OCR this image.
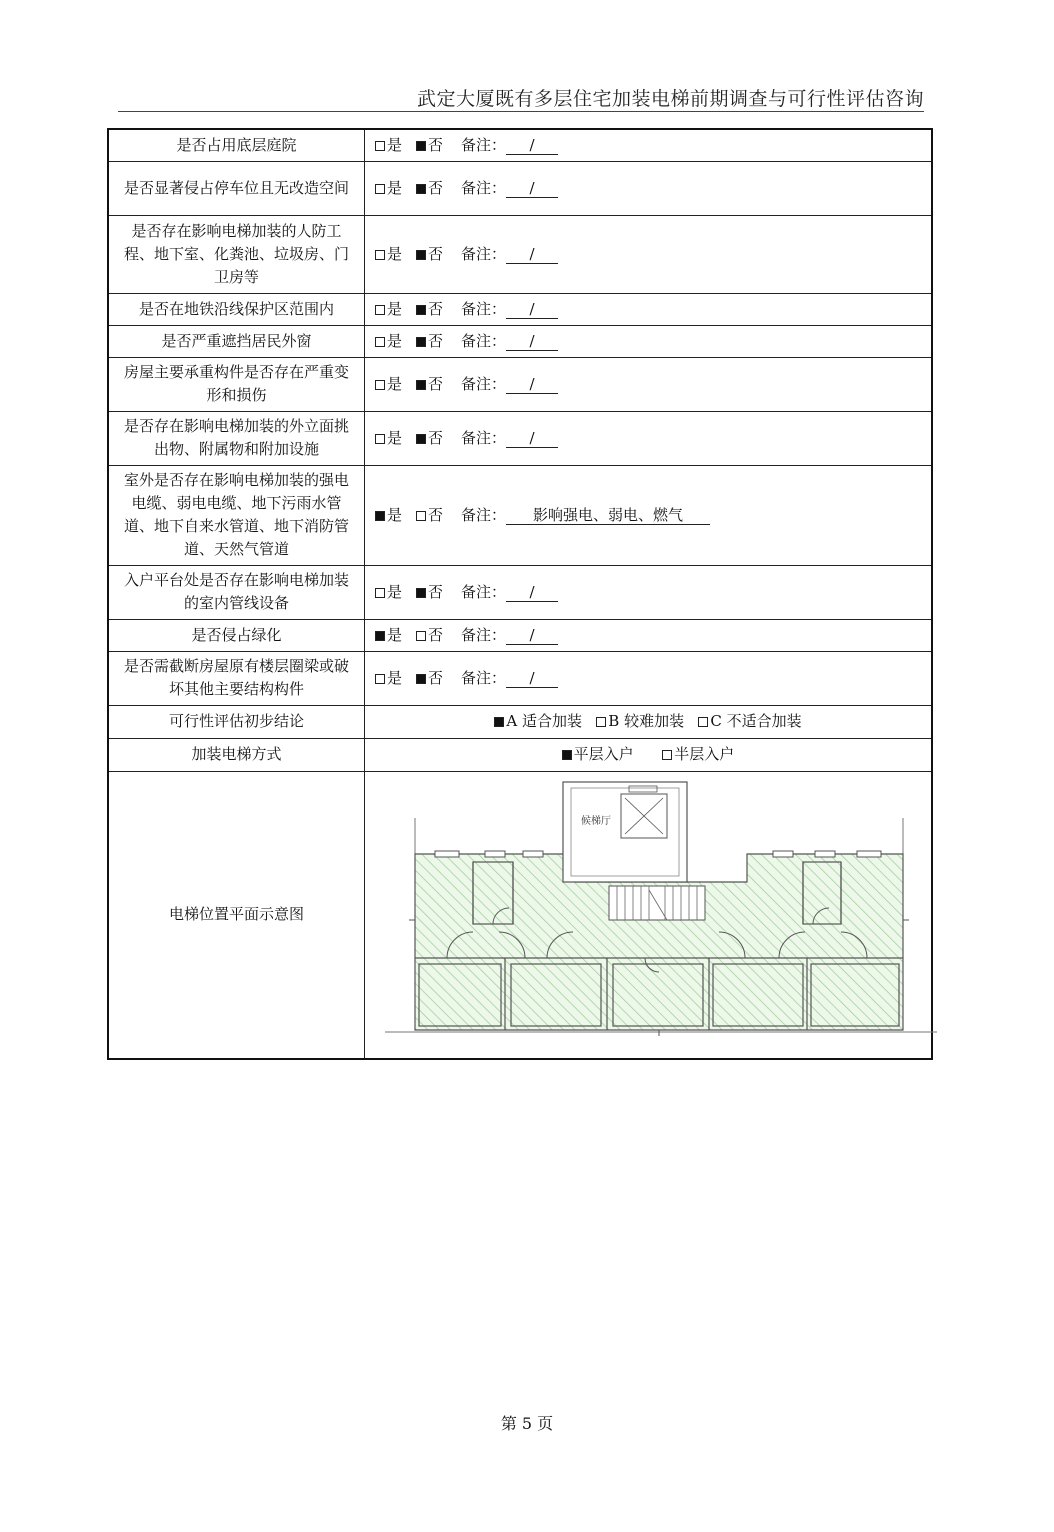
武定大厦既有多层住宅加装电梯前期调查与可行性评估咨询
是否占用底层庭院	是 否 备注： /
是否显著侵占停车位且无改造空间	是 否 备注： /
是否存在影响电梯加装的人防工程、地下室、化粪池、垃圾房、门卫房等	是 否 备注： /
是否在地铁沿线保护区范围内	是 否 备注： /
是否严重遮挡居民外窗	是 否 备注： /
房屋主要承重构件是否存在严重变形和损伤	是 否 备注： /
是否存在影响电梯加装的外立面挑出物、附属物和附加设施	是 否 备注： /
室外是否存在影响电梯加装的强电电缆、弱电电缆、地下污雨水管道、地下自来水管道、地下消防管道、天然气管道	是 否 备注： 影响强电、弱电、燃气
入户平台处是否存在影响电梯加装的室内管线设备	是 否 备注： /
是否侵占绿化	是 否 备注： /
是否需截断房屋原有楼层圈梁或破坏其他主要结构构件	是 否 备注： /
可行性评估初步结论	A 适合加装 B 较难加装 C 不适合加装
加装电梯方式	平层入户 半层入户
电梯位置平面示意图	候梯厅
第 5 页
